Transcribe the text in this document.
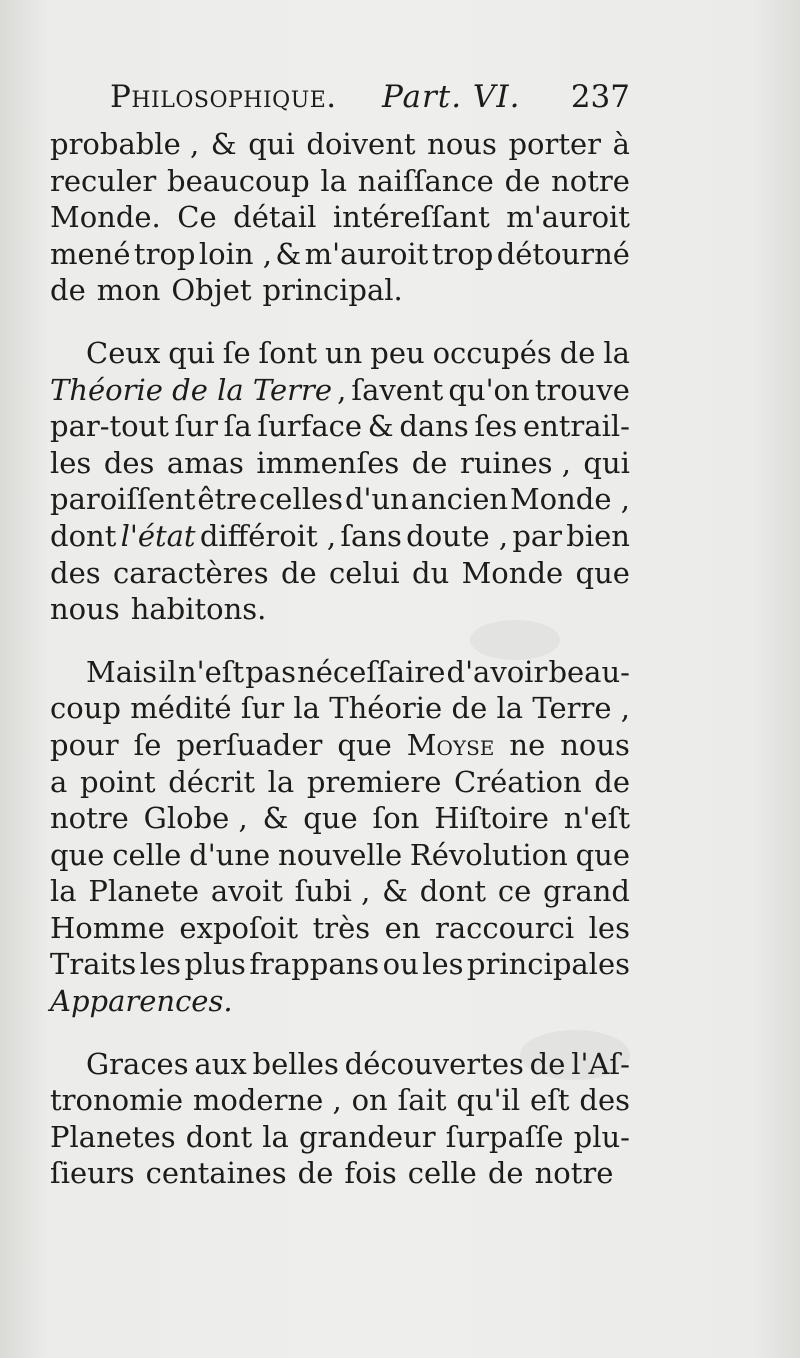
Philosophique. Part. VI. 237
probable , & qui doivent nous porter à
reculer beaucoup la naiſſance de notre
Monde. Ce détail intéreſſant m'auroit
mené trop loin , & m'auroit trop détourné
de mon Objet principal.
Ceux qui ſe ſont un peu occupés de la
Théorie de la Terre , ſavent qu'on trouve
par-tout ſur ſa ſurface & dans ſes entrail-
les des amas immenſes de ruines , qui
paroiſſent être celles d'un ancien Monde ,
dont l'état différoit , ſans doute , par bien
des caractères de celui du Monde que
nous habitons.
Mais il n'eſt pas néceſſaire d'avoir beau-
coup médité ſur la Théorie de la Terre ,
pour ſe perſuader que Moyse ne nous
a point décrit la premiere Création de
notre Globe , & que ſon Hiſtoire n'eſt
que celle d'une nouvelle Révolution que
la Planete avoit ſubi , & dont ce grand
Homme expoſoit très en raccourci les
Traits les plus frappans ou les principales
Apparences.
Graces aux belles découvertes de l'Aſ-
tronomie moderne , on ſait qu'il eſt des
Planetes dont la grandeur ſurpaſſe plu-
ſieurs centaines de fois celle de notre
